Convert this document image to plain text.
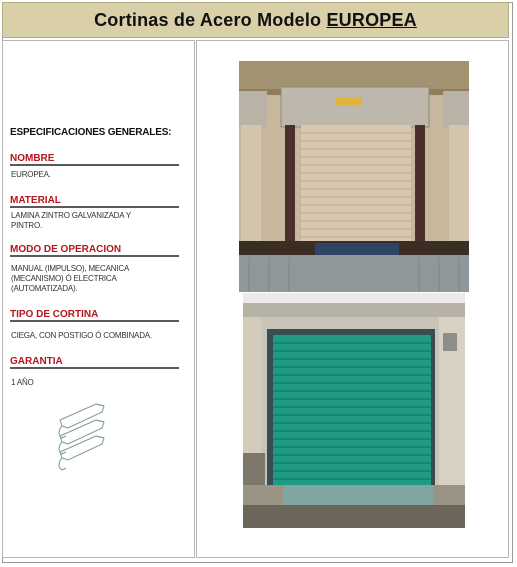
Cortinas de Acero Modelo EUROPEA
ESPECIFICACIONES GENERALES:
NOMBRE
EUROPEA.
MATERIAL
LAMINA ZINTRO GALVANIZADA Y PINTRO.
MODO DE OPERACION
MANUAL (IMPULSO), MECANICA (MECANISMO) Ó ELECTRICA (AUTOMATIZADA).
TIPO DE CORTINA
CIEGA, CON POSTIGO Ó COMBINADA.
GARANTIA
1 AÑO
